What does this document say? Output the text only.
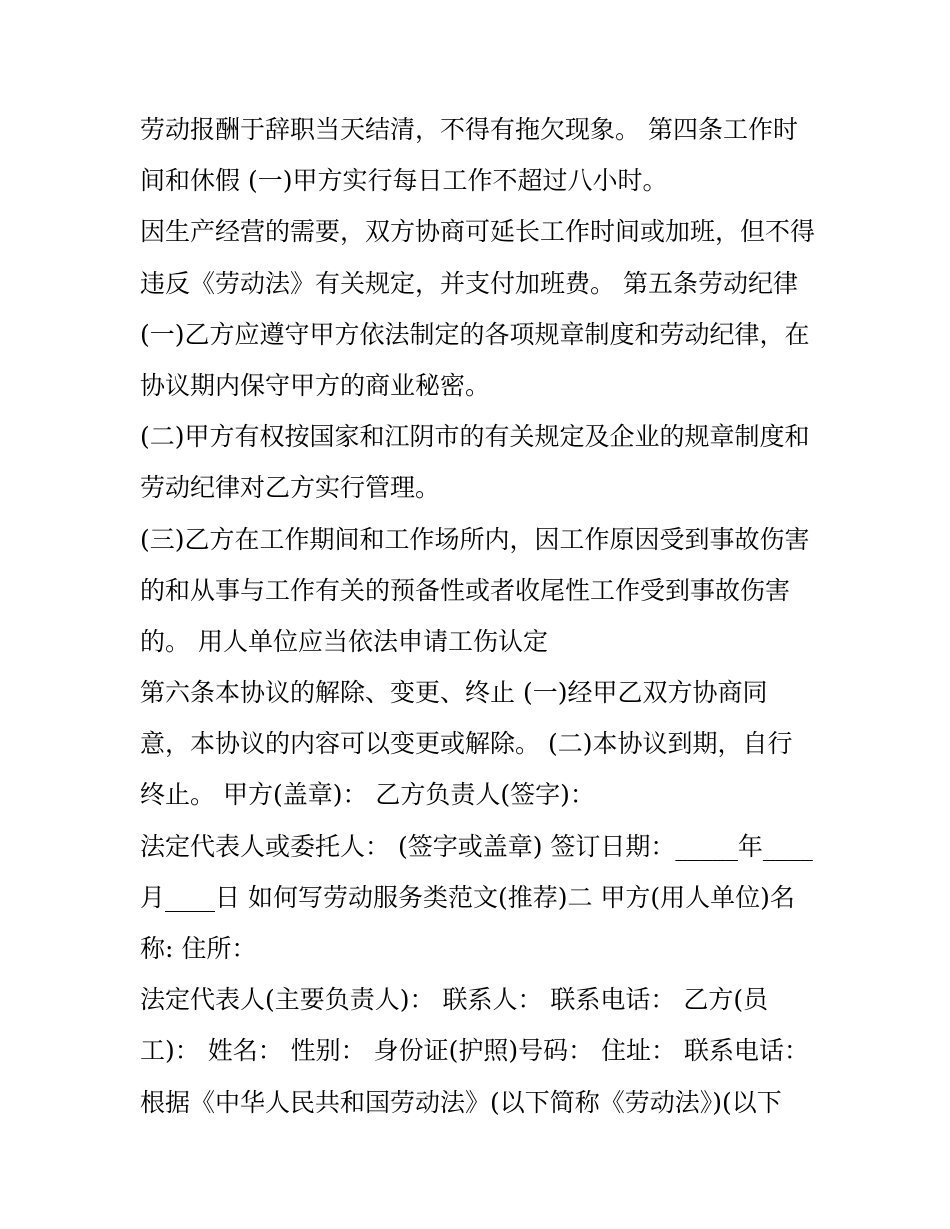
劳动报酬于辞职当天结清，不得有拖欠现象。 第四条工作时
间和休假 (一)甲方实行每日工作不超过八小时。
因生产经营的需要，双方协商可延长工作时间或加班，但不得
违反《劳动法》有关规定，并支付加班费。 第五条劳动纪律
(一)乙方应遵守甲方依法制定的各项规章制度和劳动纪律，在
协议期内保守甲方的商业秘密。
(二)甲方有权按国家和江阴市的有关规定及企业的规章制度和
劳动纪律对乙方实行管理。
(三)乙方在工作期间和工作场所内，因工作原因受到事故伤害
的和从事与工作有关的预备性或者收尾性工作受到事故伤害
的。 用人单位应当依法申请工伤认定
第六条本协议的解除、变更、终止 (一)经甲乙双方协商同
意，本协议的内容可以变更或解除。 (二)本协议到期，自行
终止。 甲方(盖章)： 乙方负责人(签字)：
法定代表人或委托人： (签字或盖章) 签订日期：_____年____
月____日 如何写劳动服务类范文(推荐)二 甲方(用人单位)名
称: 住所：
法定代表人(主要负责人)： 联系人： 联系电话： 乙方(员
工)： 姓名： 性别： 身份证(护照)号码： 住址： 联系电话：
根据《中华人民共和国劳动法》(以下简称《劳动法》)(以下
